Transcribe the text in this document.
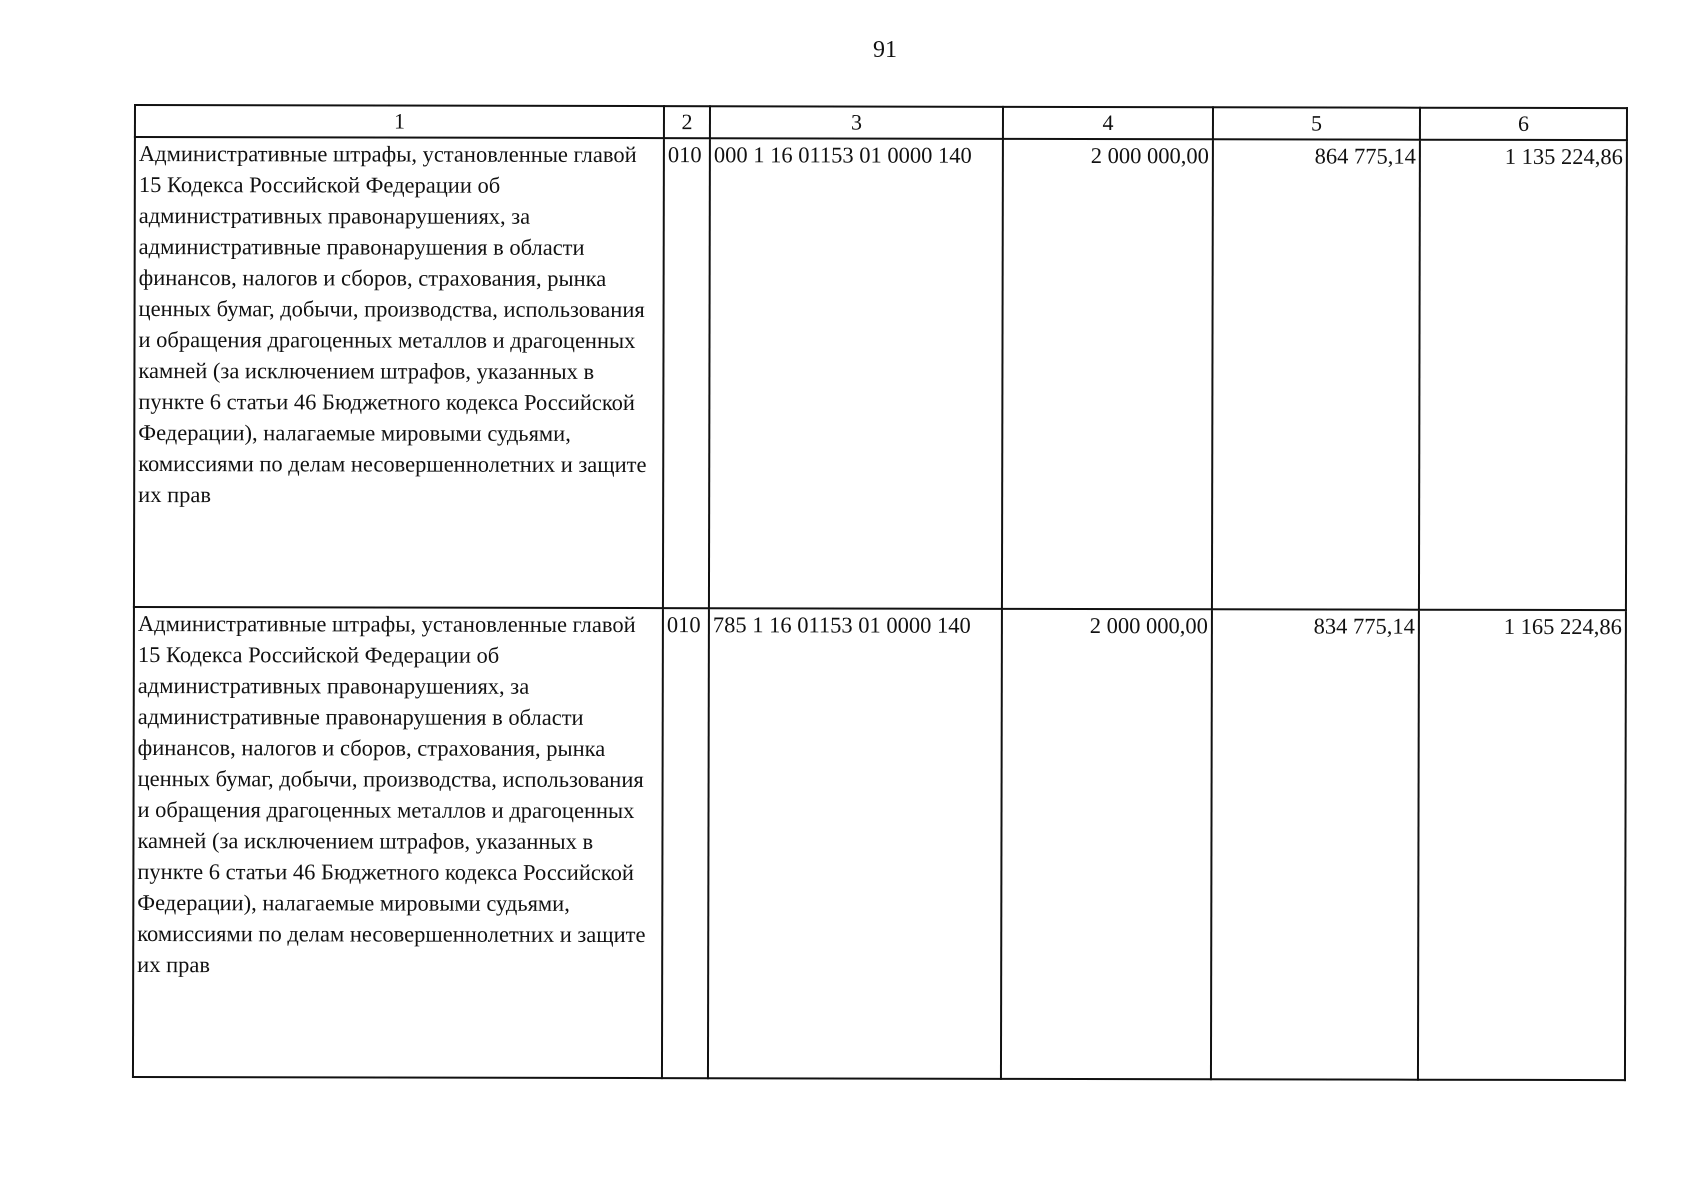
91
1	2	3	4	5	6
Административные штрафы, установленные главой 15 Кодекса Российской Федерации об административных правонарушениях, за административные правонарушения в области финансов, налогов и сборов, страхования, рынка ценных бумаг, добычи, производства, использования и обращения драгоценных металлов и драгоценных камней (за исключением штрафов, указанных в пункте 6 статьи 46 Бюджетного кодекса Российской Федерации), налагаемые мировыми судьями, комиссиями по делам несовершеннолетних и защите их прав	010	000 1 16 01153 01 0000 140	2 000 000,00	864 775,14	1 135 224,86
Административные штрафы, установленные главой 15 Кодекса Российской Федерации об административных правонарушениях, за административные правонарушения в области финансов, налогов и сборов, страхования, рынка ценных бумаг, добычи, производства, использования и обращения драгоценных металлов и драгоценных камней (за исключением штрафов, указанных в пункте 6 статьи 46 Бюджетного кодекса Российской Федерации), налагаемые мировыми судьями, комиссиями по делам несовершеннолетних и защите их прав	010	785 1 16 01153 01 0000 140	2 000 000,00	834 775,14	1 165 224,86
